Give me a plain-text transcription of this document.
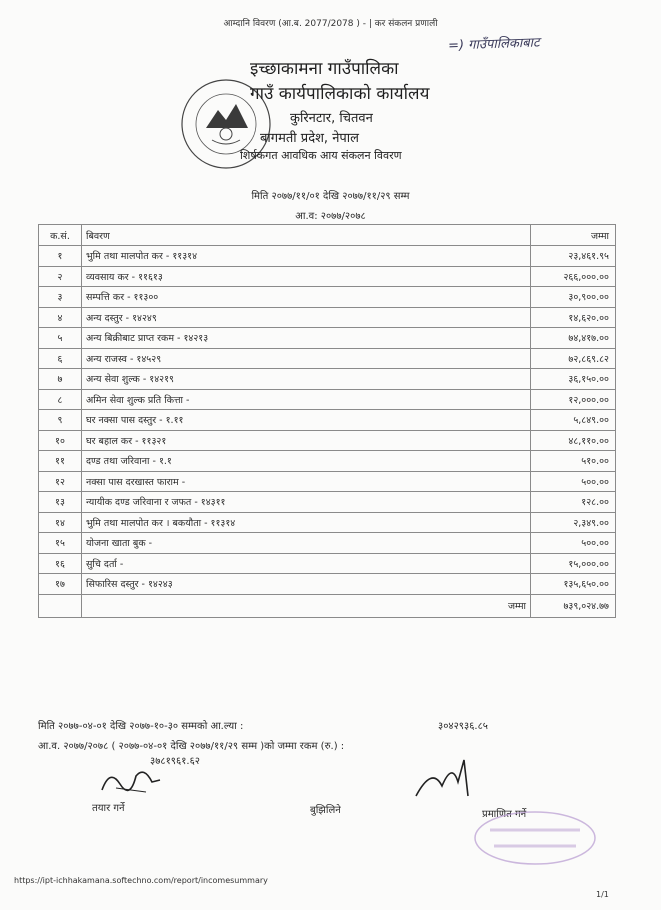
आम्दानि विवरण (आ.ब. 2077/2078 ) - | कर संकलन प्रणाली
=) गाउँपालिकाबाट
इच्छाकामना गाउँपालिका
गाउँ कार्यपालिकाको कार्यालय
कुरिनटार, चितवन
बागमती प्रदेश, नेपाल
शिर्षकगत आवधिक आय संकलन विवरण
मिति २०७७/११/०१ देखि २०७७/११/२९ सम्म
आ.व: २०७७/२०७८
क.सं.	बिवरण	जम्मा
१	भुमि तथा मालपोत कर - ११३१४	२३,४६१.९५
२	व्यवसाय कर - ११६१३	२६६,०००.००
३	सम्पत्ति कर - ११३००	३०,९००.००
४	अन्य दस्तुर - १४२४९	१४,६२०.००
५	अन्य बिक्रीबाट प्राप्त रकम - १४२१३	७४,४१७.००
६	अन्य राजस्व - १४५२९	७२,८६९.८२
७	अन्य सेवा शुल्क - १४२१९	३६,१५०.००
८	अमिन सेवा शुल्क प्रति कित्ता -	१२,०००.००
९	घर नक्सा पास दस्तुर - १.११	५,८४९.००
१०	घर बहाल कर - ११३२१	४८,११०.००
११	दण्ड तथा जरिवाना - १.१	५१०.००
१२	नक्सा पास दरखास्त फाराम -	५००.००
१३	न्यायीक दण्ड जरिवाना र जफत - १४३११	१२८.००
१४	भुमि तथा मालपोत कर । बकयौता - ११३१४	२,३४९.००
१५	योजना खाता बुक -	५००.००
१६	सुचि दर्ता -	१५,०००.००
१७	सिफारिस दस्तुर - १४२४३	१३५,६५०.००
	जम्मा	७३९,०२४.७७
मिति २०७७-०४-०१ देखि २०७७-१०-३० सम्मको आ.ल्या :	३०४२९३६.८५
आ.व. २०७७/२०७८ ( २०७७-०४-०१ देखि २०७७/११/२९ सम्म )को जम्मा रकम (रु.) :
३७८१९६१.६२
तयार गर्ने	बुझिलिने	प्रमाणित गर्ने
https://ipt-ichhakamana.softechno.com/report/incomesummary
1/1
